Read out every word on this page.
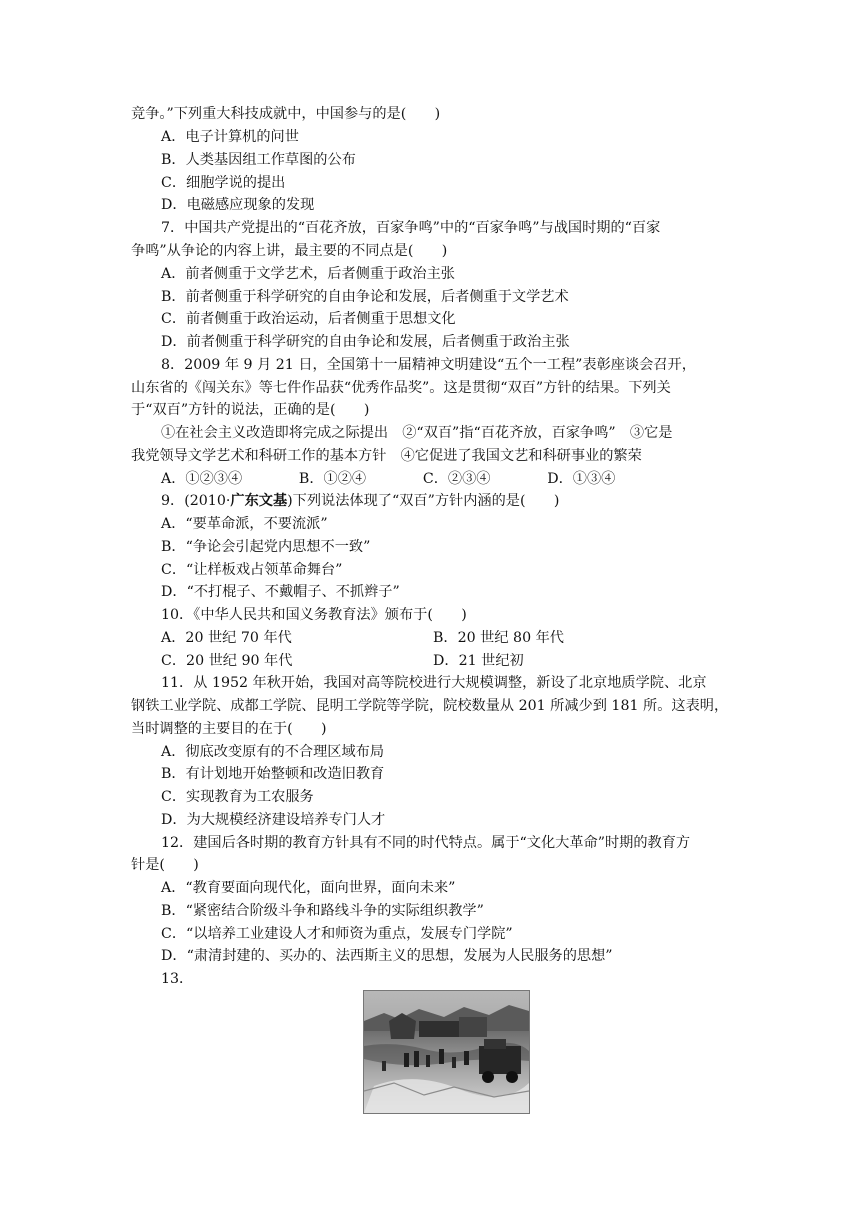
竞争。”下列重大科技成就中，中国参与的是(　　)
A．电子计算机的问世
B．人类基因组工作草图的公布
C．细胞学说的提出
D．电磁感应现象的发现
7．中国共产党提出的“百花齐放，百家争鸣”中的“百家争鸣”与战国时期的“百家
争鸣”从争论的内容上讲，最主要的不同点是(　　)
A．前者侧重于文学艺术，后者侧重于政治主张
B．前者侧重于科学研究的自由争论和发展，后者侧重于文学艺术
C．前者侧重于政治运动，后者侧重于思想文化
D．前者侧重于科学研究的自由争论和发展，后者侧重于政治主张
8．2009 年 9 月 21 日，全国第十一届精神文明建设“五个一工程”表彰座谈会召开，
山东省的《闯关东》等七件作品获“优秀作品奖”。这是贯彻“双百”方针的结果。下列关
于“双百”方针的说法，正确的是(　　)
①在社会主义改造即将完成之际提出　②“双百”指“百花齐放，百家争鸣”　③它是
我党领导文学艺术和科研工作的基本方针　④它促进了我国文艺和科研事业的繁荣
A．①②③④　　　　B．①②④　　　　C．②③④　　　　D．①③④
9．(2010·广东文基)下列说法体现了“双百”方针内涵的是(　　)
A．“要革命派，不要流派”
B．“争论会引起党内思想不一致”
C．“让样板戏占领革命舞台”
D．“不打棍子、不戴帽子、不抓辫子”
10．《中华人民共和国义务教育法》颁布于(　　)
A．20 世纪 70 年代	B．20 世纪 80 年代
C．20 世纪 90 年代	D．21 世纪初
11．从 1952 年秋开始，我国对高等院校进行大规模调整，新设了北京地质学院、北京
钢铁工业学院、成都工学院、昆明工学院等学院，院校数量从 201 所减少到 181 所。这表明，
当时调整的主要目的在于(　　)
A．彻底改变原有的不合理区域布局
B．有计划地开始整顿和改造旧教育
C．实现教育为工农服务
D．为大规模经济建设培养专门人才
12．建国后各时期的教育方针具有不同的时代特点。属于“文化大革命”时期的教育方
针是(　　)
A．“教育要面向现代化，面向世界，面向未来”
B．“紧密结合阶级斗争和路线斗争的实际组织教学”
C．“以培养工业建设人才和师资为重点，发展专门学院”
D．“肃清封建的、买办的、法西斯主义的思想，发展为人民服务的思想”
13．
